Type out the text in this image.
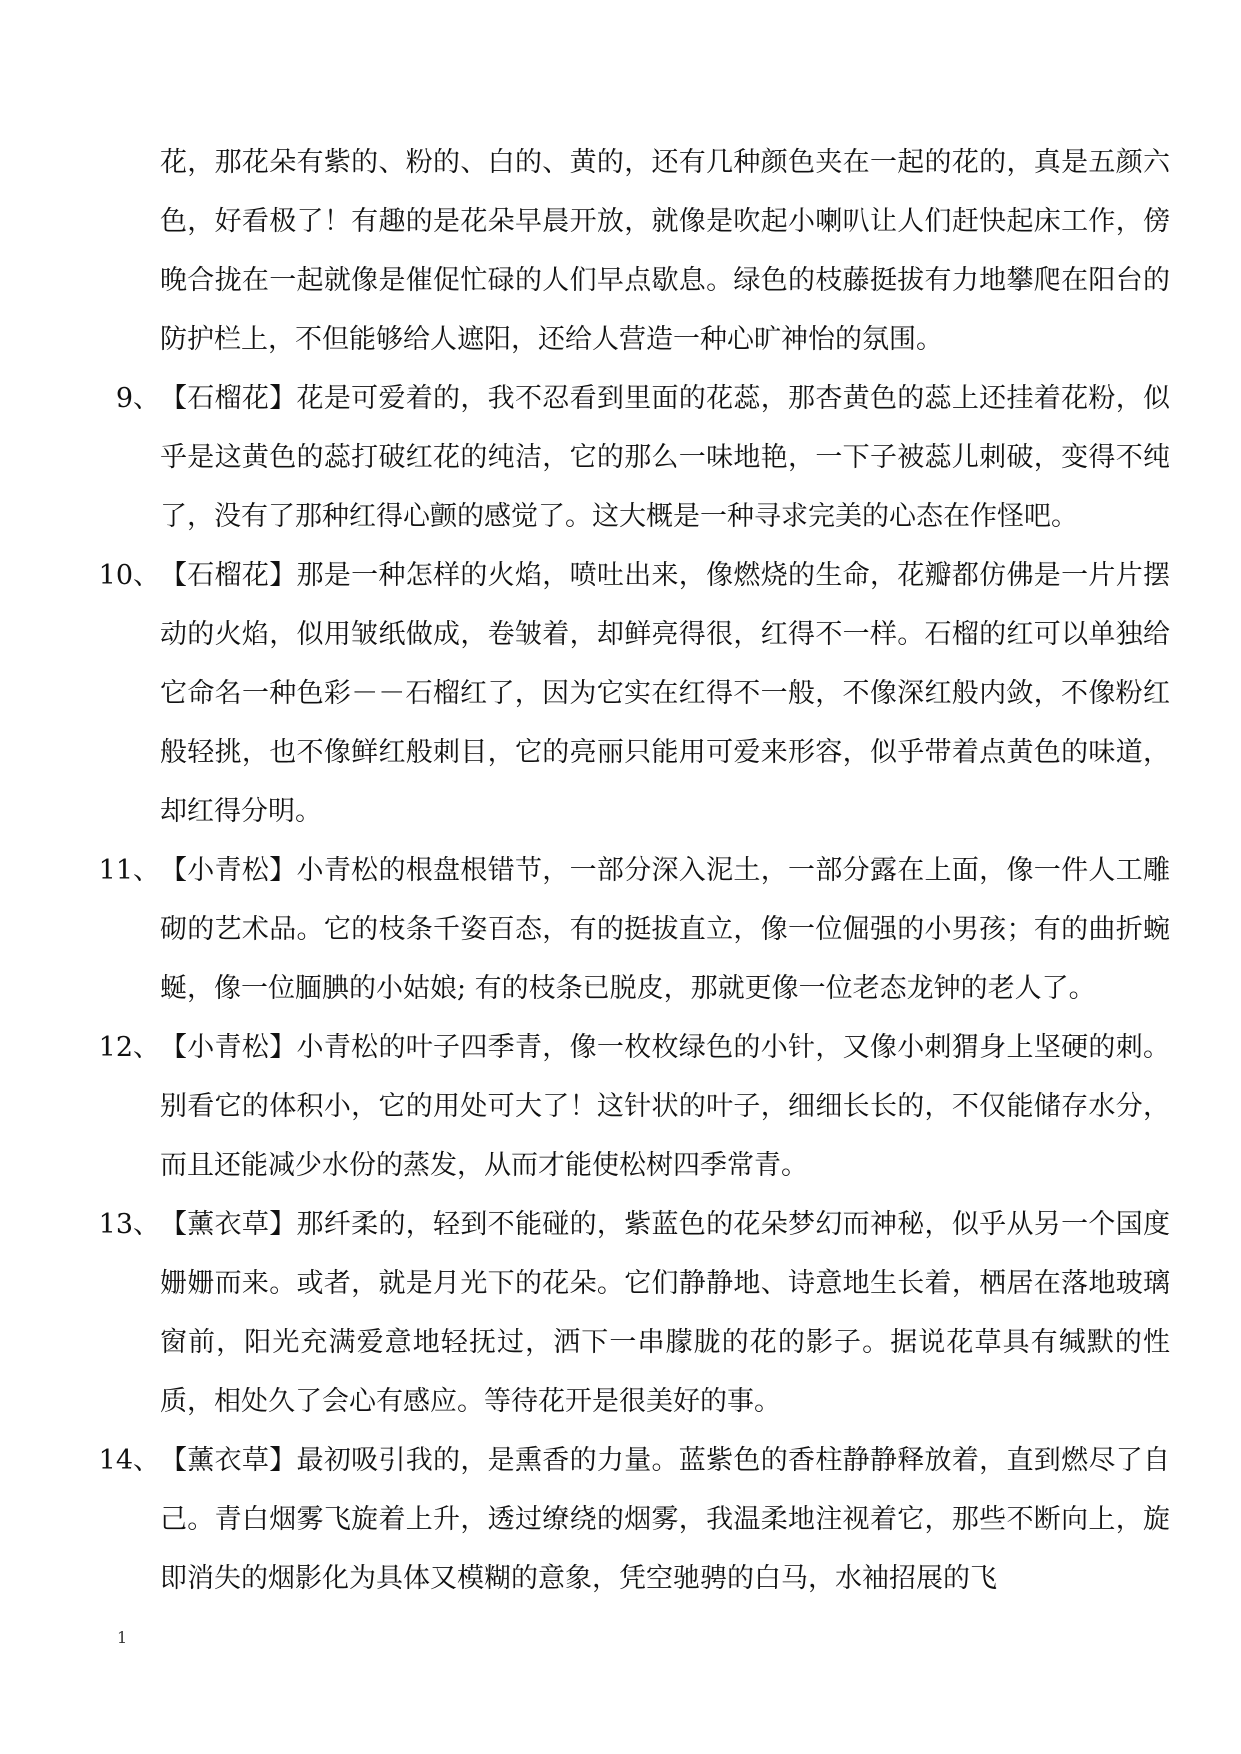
花，那花朵有紫的、粉的、白的、黄的，还有几种颜色夹在一起的花的，真是五颜六色，好看极了！有趣的是花朵早晨开放，就像是吹起小喇叭让人们赶快起床工作，傍晚合拢在一起就像是催促忙碌的人们早点歇息。绿色的枝藤挺拔有力地攀爬在阳台的防护栏上，不但能够给人遮阳，还给人营造一种心旷神怡的氛围。

9、 【石榴花】花是可爱着的，我不忍看到里面的花蕊，那杏黄色的蕊上还挂着花粉，似乎是这黄色的蕊打破红花的纯洁，它的那么一味地艳，一下子被蕊儿刺破，变得不纯了，没有了那种红得心颤的感觉了。这大概是一种寻求完美的心态在作怪吧。

10、 【石榴花】那是一种怎样的火焰，喷吐出来，像燃烧的生命，花瓣都仿佛是一片片摆动的火焰，似用皱纸做成，卷皱着，却鲜亮得很，红得不一样。石榴的红可以单独给它命名一种色彩－－石榴红了，因为它实在红得不一般，不像深红般内敛，不像粉红般轻挑，也不像鲜红般刺目，它的亮丽只能用可爱来形容，似乎带着点黄色的味道，却红得分明。

11、 【小青松】小青松的根盘根错节，一部分深入泥土，一部分露在上面，像一件人工雕砌的艺术品。它的枝条千姿百态，有的挺拔直立，像一位倔强的小男孩；有的曲折蜿蜒，像一位腼腆的小姑娘; 有的枝条已脱皮，那就更像一位老态龙钟的老人了。

12、 【小青松】小青松的叶子四季青，像一枚枚绿色的小针，又像小刺猬身上坚硬的刺。别看它的体积小，它的用处可大了！这针状的叶子，细细长长的，不仅能储存水分，而且还能减少水份的蒸发，从而才能使松树四季常青。

13、 【薰衣草】那纤柔的，轻到不能碰的，紫蓝色的花朵梦幻而神秘，似乎从另一个国度姗姗而来。或者，就是月光下的花朵。它们静静地、诗意地生长着，栖居在落地玻璃窗前，阳光充满爱意地轻抚过，洒下一串朦胧的花的影子。据说花草具有缄默的性质，相处久了会心有感应。等待花开是很美好的事。

14、 【薰衣草】最初吸引我的，是熏香的力量。蓝紫色的香柱静静释放着，直到燃尽了自己。青白烟雾飞旋着上升，透过缭绕的烟雾，我温柔地注视着它，那些不断向上，旋即消失的烟影化为具体又模糊的意象，凭空驰骋的白马，水袖招展的飞

1
